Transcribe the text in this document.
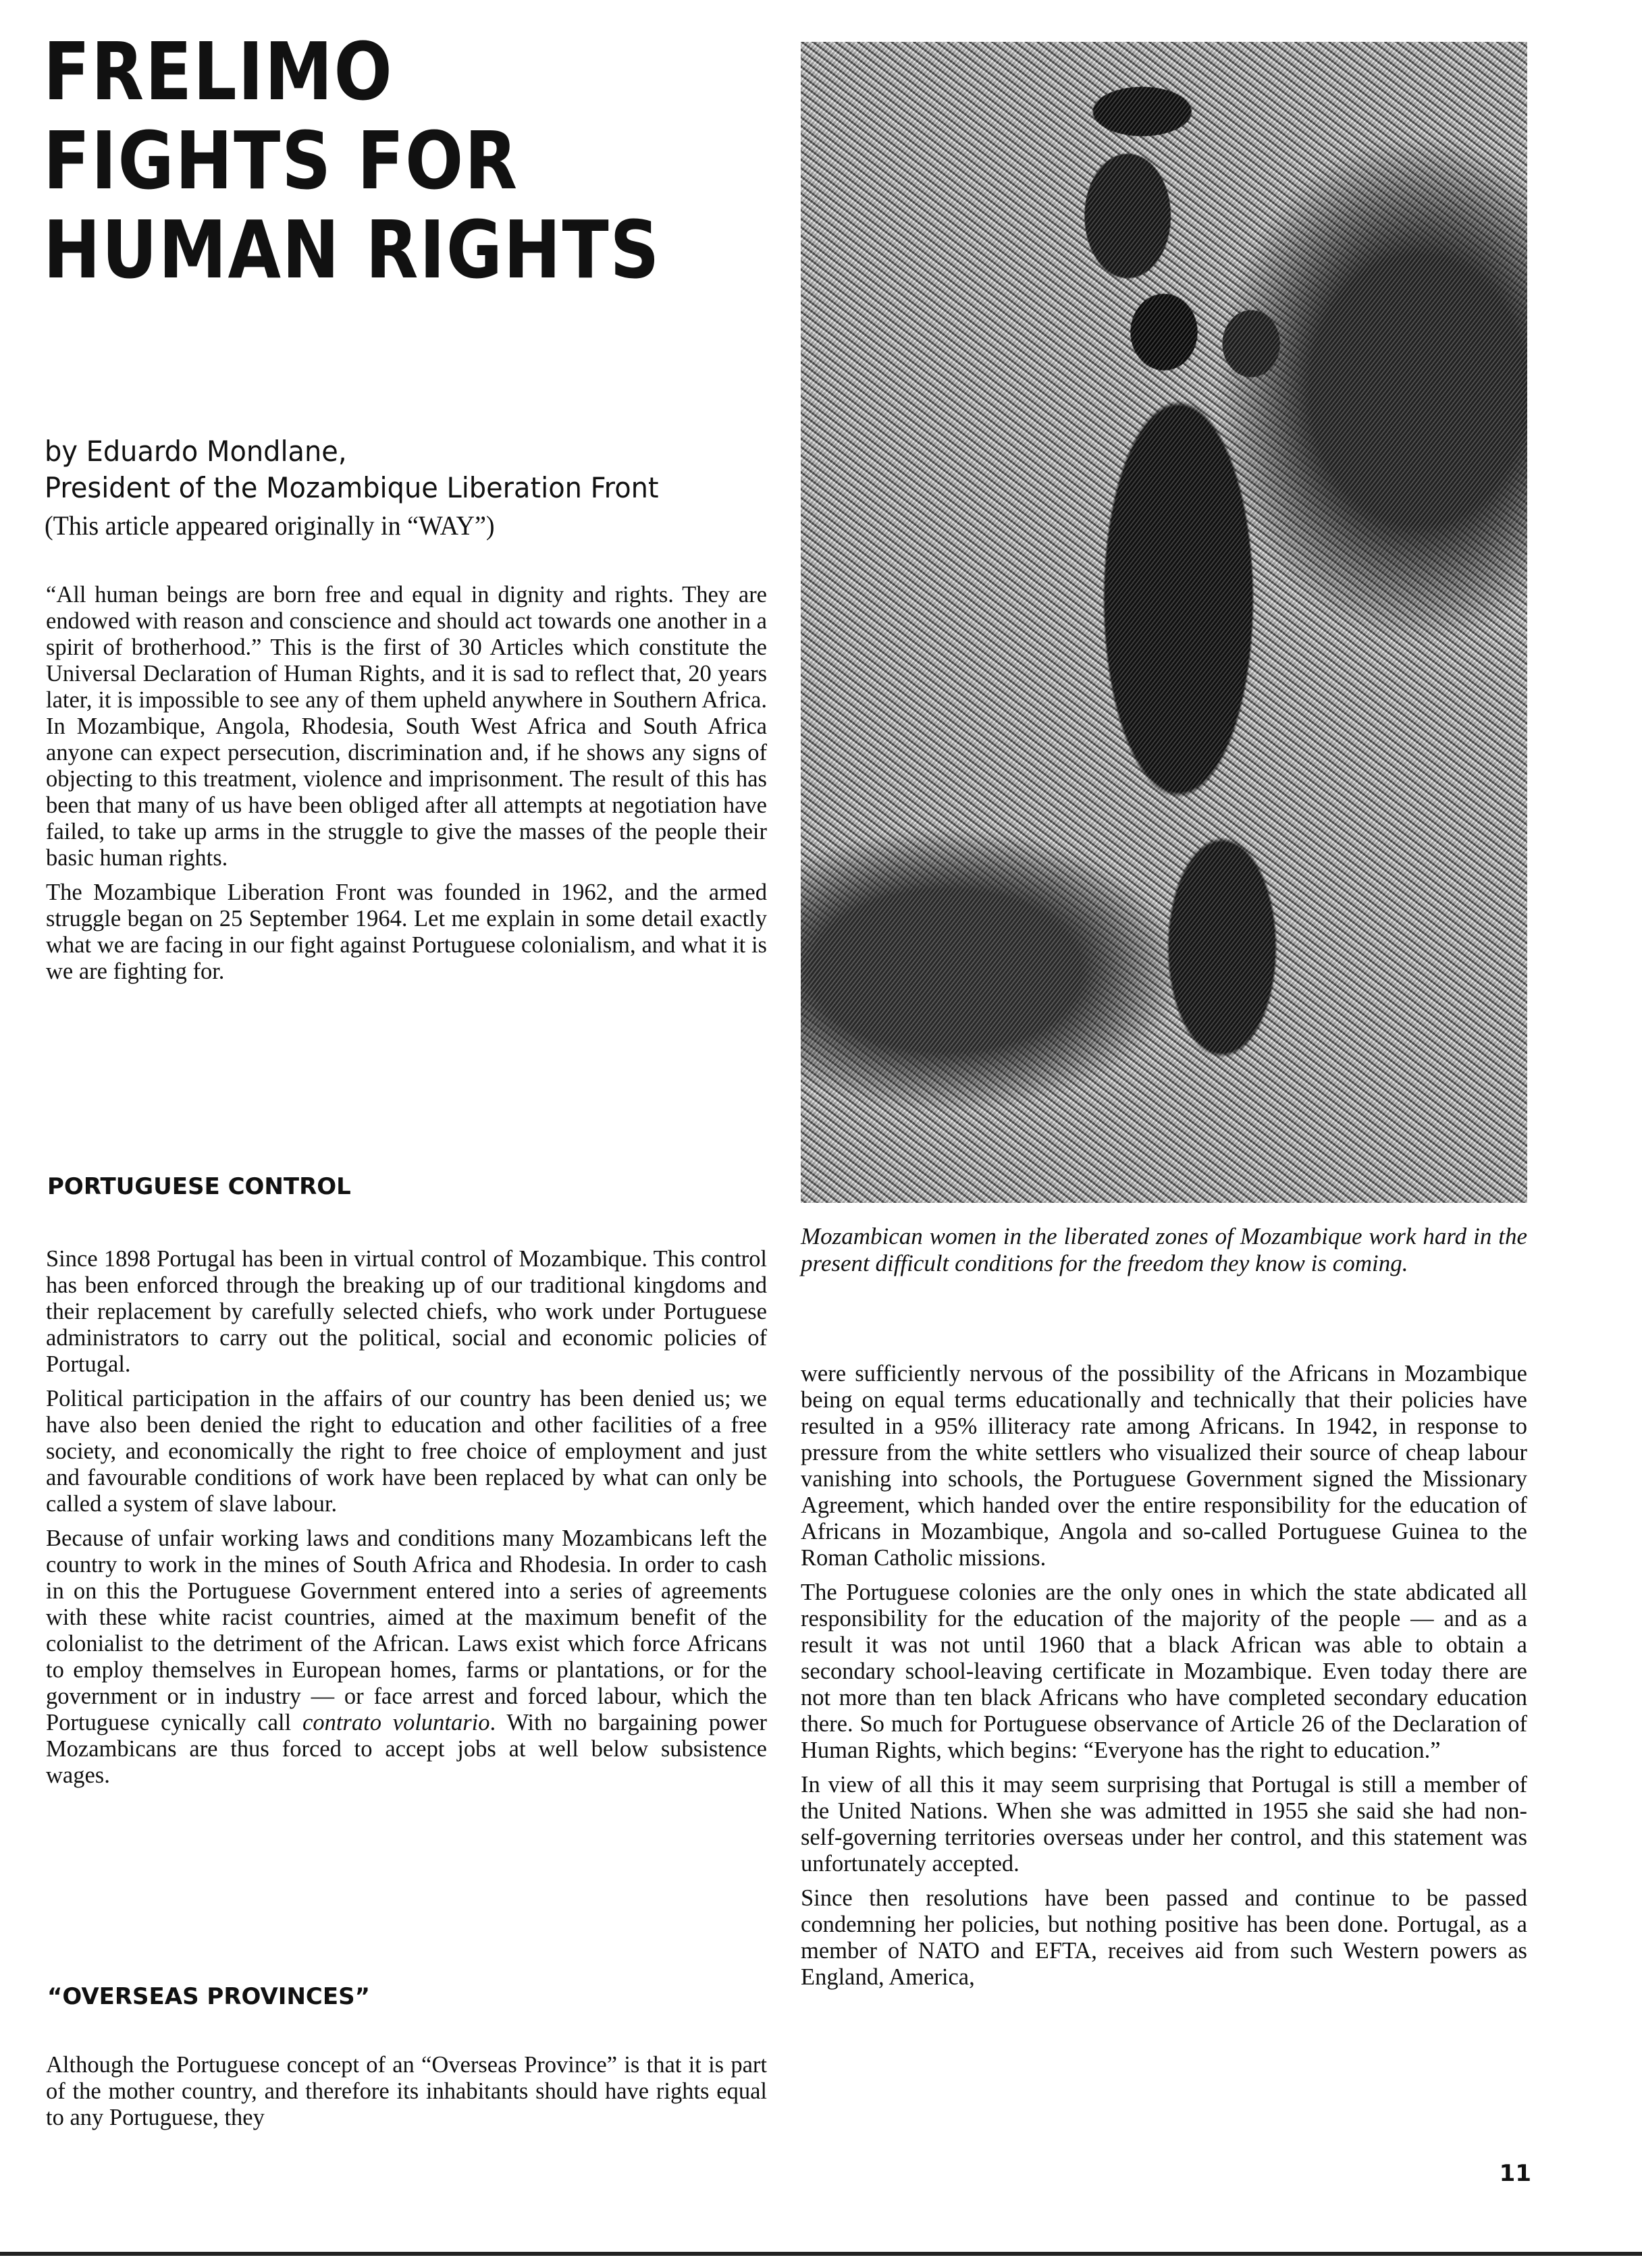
FRELIMO
FIGHTS FOR
HUMAN RIGHTS
by Eduardo Mondlane,
President of the Mozambique Liberation Front
(This article appeared originally in “WAY”)

“All human beings are born free and equal in dignity and rights. They are endowed with reason and conscience and should act towards one another in a spirit of brotherhood.” This is the first of 30 Articles which constitute the Universal Declaration of Human Rights, and it is sad to reflect that, 20 years later, it is impossible to see any of them upheld anywhere in Southern Africa. In Mozambique, Angola, Rhodesia, South West Africa and South Africa anyone can expect persecution, discrimination and, if he shows any signs of objecting to this treatment, violence and imprisonment. The result of this has been that many of us have been obliged after all attempts at negotiation have failed, to take up arms in the struggle to give the masses of the people their basic human rights.

The Mozambique Liberation Front was founded in 1962, and the armed struggle began on 25 September 1964. Let me explain in some detail exactly what we are facing in our fight against Portuguese colonialism, and what it is we are fighting for.

PORTUGUESE CONTROL

Since 1898 Portugal has been in virtual control of Mozambique. This control has been enforced through the breaking up of our traditional kingdoms and their replacement by carefully selected chiefs, who work under Portuguese administrators to carry out the political, social and economic policies of Portugal.

Political participation in the affairs of our country has been denied us; we have also been denied the right to education and other facilities of a free society, and economically the right to free choice of employment and just and favourable conditions of work have been replaced by what can only be called a system of slave labour.

Because of unfair working laws and conditions many Mozambicans left the country to work in the mines of South Africa and Rhodesia. In order to cash in on this the Portuguese Government entered into a series of agreements with these white racist countries, aimed at the maximum benefit of the colonialist to the detriment of the African. Laws exist which force Africans to employ themselves in European homes, farms or plantations, or for the government or in industry — or face arrest and forced labour, which the Portuguese cynically call contrato voluntario. With no bargaining power Mozambicans are thus forced to accept jobs at well below subsistence wages.

“OVERSEAS PROVINCES”

Although the Portuguese concept of an “Overseas Province” is that it is part of the mother country, and therefore its inhabitants should have rights equal to any Portuguese, they

Mozambican women in the liberated zones of Mozambique work hard in the present difficult conditions for the freedom they know is coming.

were sufficiently nervous of the possibility of the Africans in Mozambique being on equal terms educationally and technically that their policies have resulted in a 95% illiteracy rate among Africans. In 1942, in response to pressure from the white settlers who visualized their source of cheap labour vanishing into schools, the Portuguese Government signed the Missionary Agreement, which handed over the entire responsibility for the education of Africans in Mozambique, Angola and so-called Portuguese Guinea to the Roman Catholic missions.

The Portuguese colonies are the only ones in which the state abdicated all responsibility for the education of the majority of the people — and as a result it was not until 1960 that a black African was able to obtain a secondary school-leaving certificate in Mozambique. Even today there are not more than ten black Africans who have completed secondary education there. So much for Portuguese observance of Article 26 of the Declaration of Human Rights, which begins: “Everyone has the right to education.”

In view of all this it may seem surprising that Portugal is still a member of the United Nations. When she was admitted in 1955 she said she had non-self-governing territories overseas under her control, and this statement was unfortunately accepted.

Since then resolutions have been passed and continue to be passed condemning her policies, but nothing positive has been done. Portugal, as a member of NATO and EFTA, receives aid from such Western powers as England, America,

11
